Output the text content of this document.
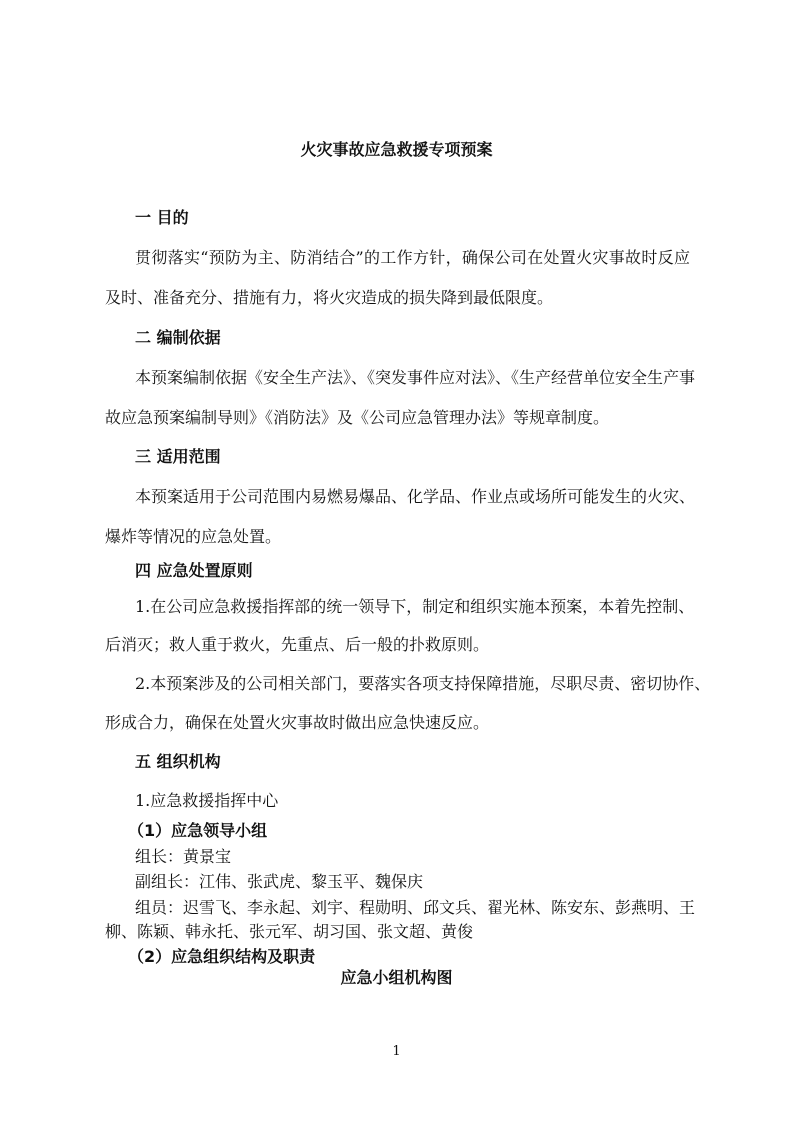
火灾事故应急救援专项预案
一 目的
贯彻落实“预防为主、防消结合”的工作方针，确保公司在处置火灾事故时反应
及时、准备充分、措施有力，将火灾造成的损失降到最低限度。
二 编制依据
本预案编制依据《安全生产法》、《突发事件应对法》、《生产经营单位安全生产事
故应急预案编制导则》《消防法》及《公司应急管理办法》等规章制度。
三 适用范围
本预案适用于公司范围内易燃易爆品、化学品、作业点或场所可能发生的火灾、
爆炸等情况的应急处置。
四 应急处置原则
1.在公司应急救援指挥部的统一领导下，制定和组织实施本预案，本着先控制、
后消灭；救人重于救火，先重点、后一般的扑救原则。
2.本预案涉及的公司相关部门，要落实各项支持保障措施，尽职尽责、密切协作、
形成合力，确保在处置火灾事故时做出应急快速反应。
五 组织机构
1.应急救援指挥中心
（1）应急领导小组
组长：黄景宝
副组长：江伟、张武虎、黎玉平、魏保庆
组员：迟雪飞、李永起、刘宇、程勋明、邱文兵、翟光林、陈安东、彭燕明、王
柳、陈颖、韩永托、张元军、胡习国、张文超、黄俊
（2）应急组织结构及职责
应急小组机构图
1
